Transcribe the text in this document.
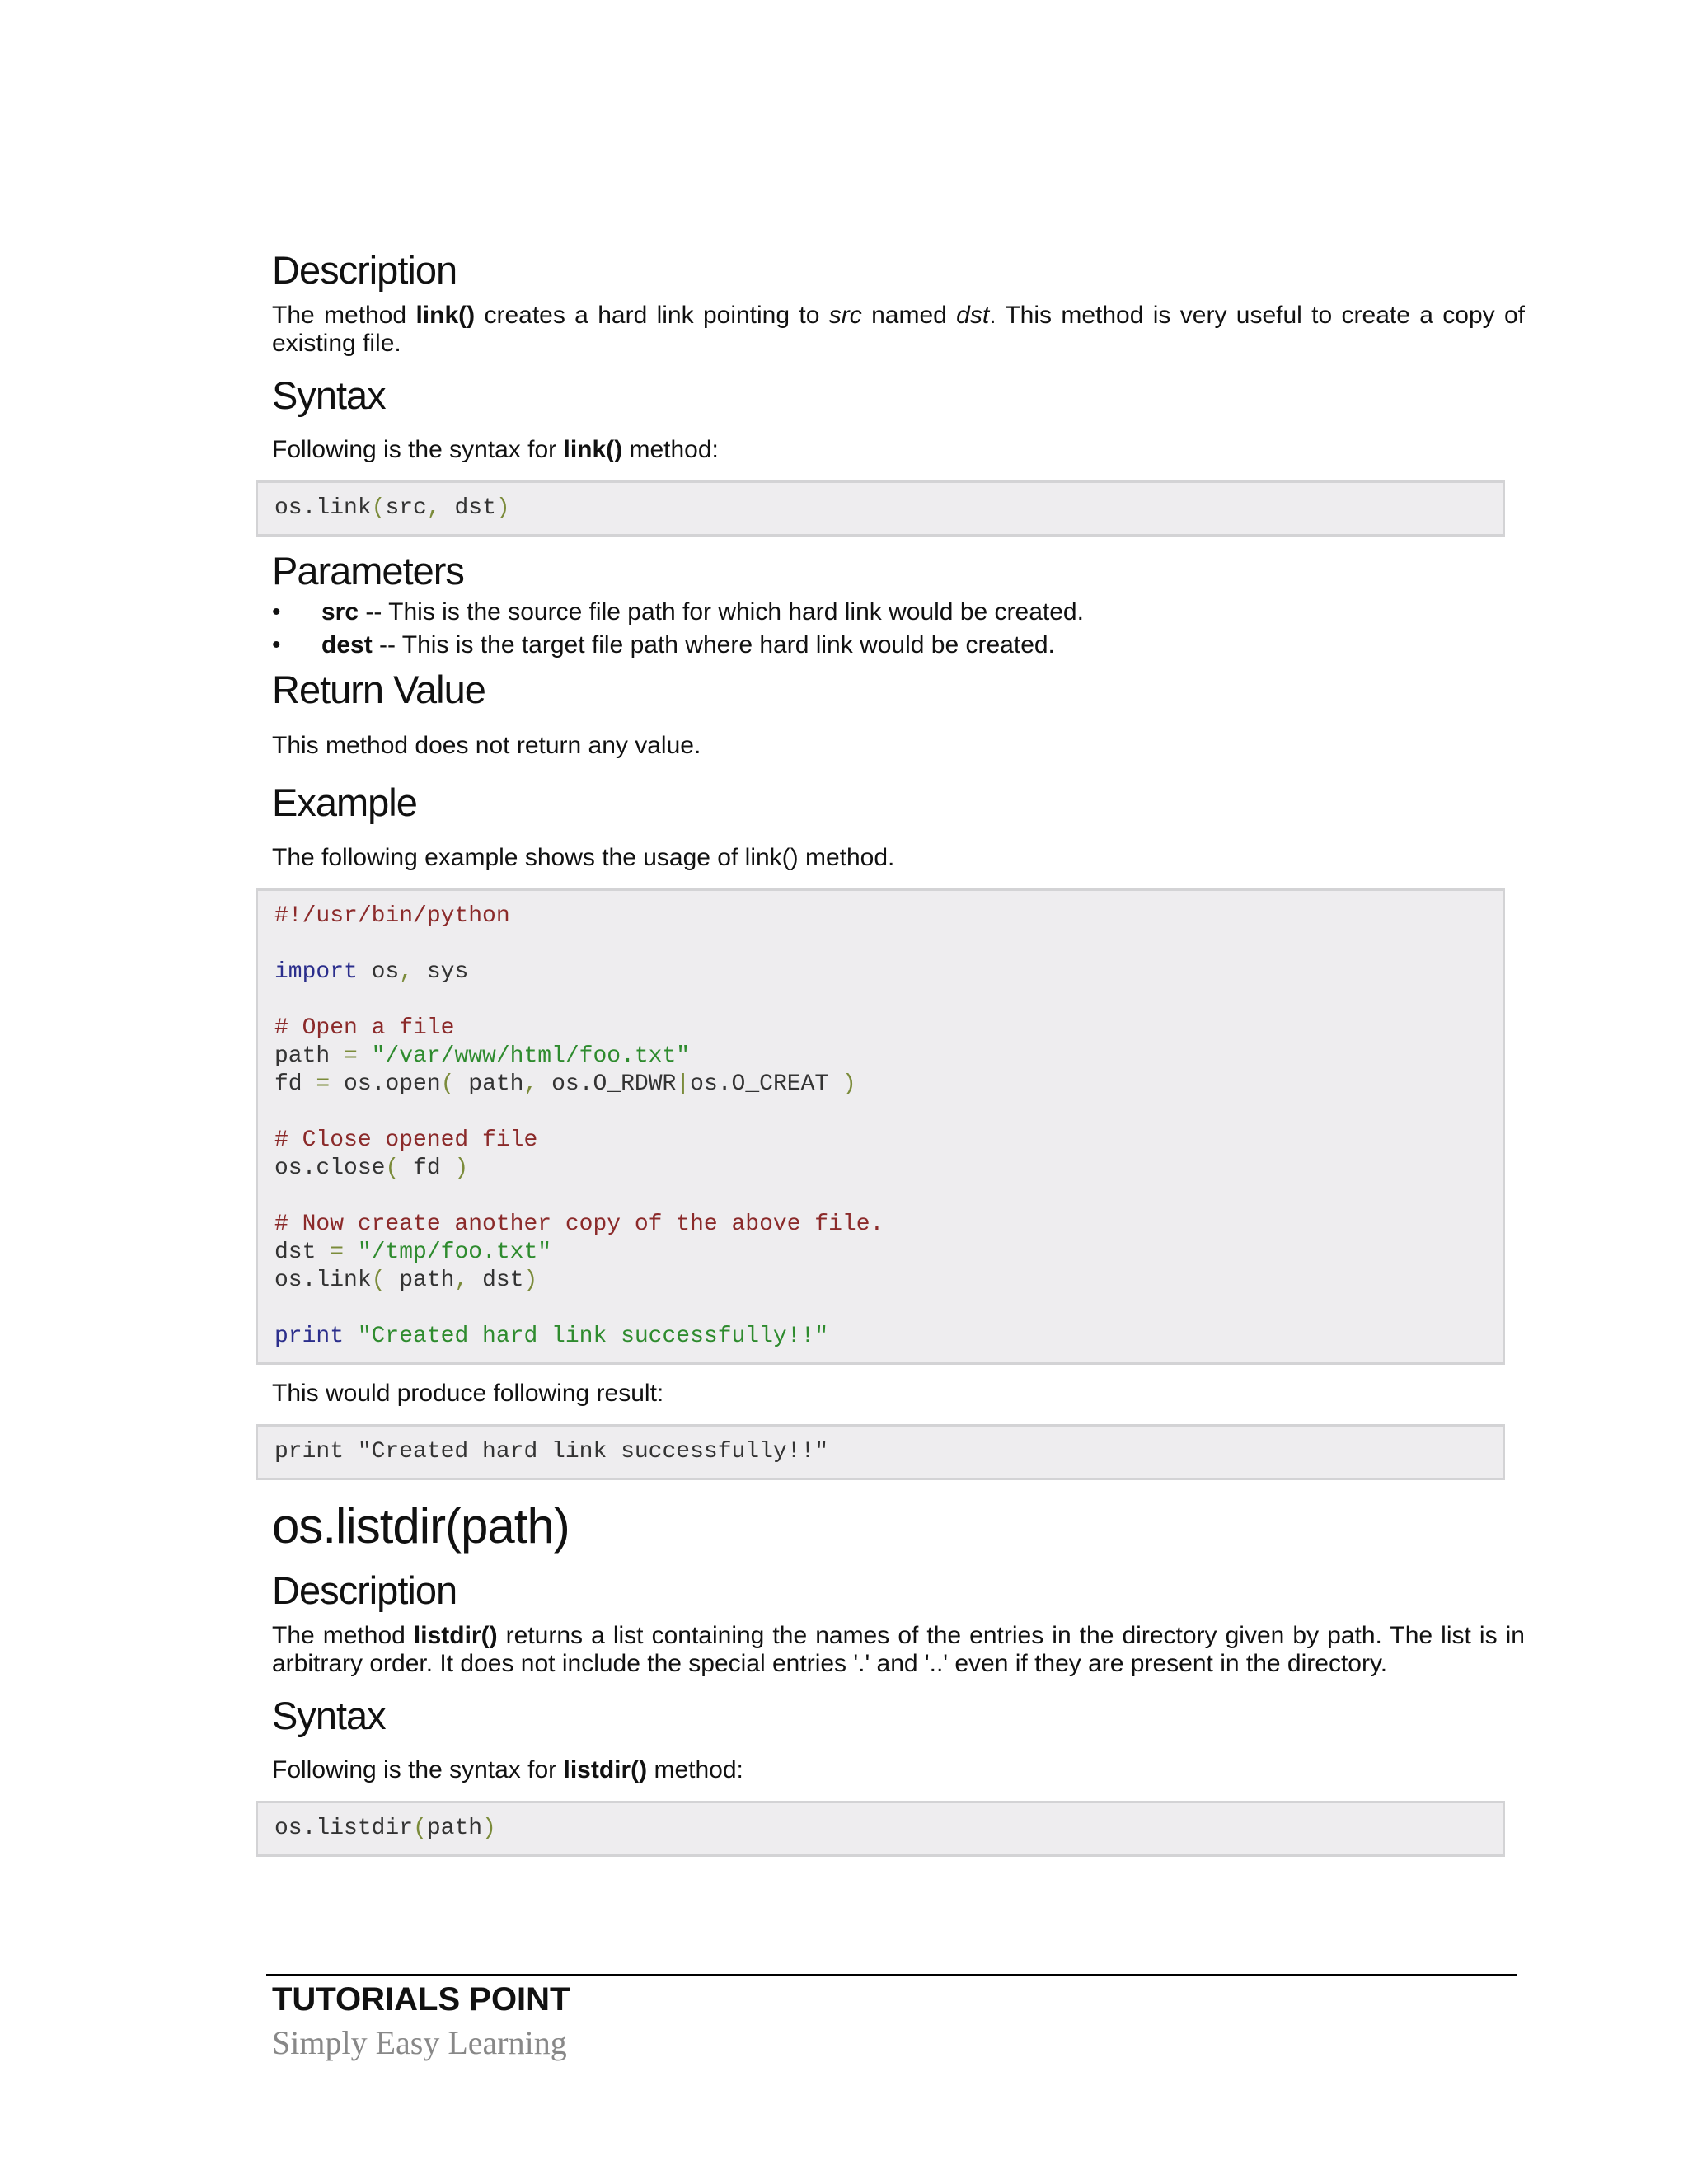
Description

The method link() creates a hard link pointing to src named dst. This method is very useful to create a copy of existing file.

Syntax

Following is the syntax for link() method:

os.link(src, dst)
Parameters
• src -- This is the source file path for which hard link would be created.
• dest -- This is the target file path where hard link would be created.
Return Value

This method does not return any value.

Example

The following example shows the usage of link() method.

#!/usr/bin/python

import os, sys

# Open a file
path = "/var/www/html/foo.txt"
fd = os.open( path, os.O_RDWR|os.O_CREAT )

# Close opened file
os.close( fd )

# Now create another copy of the above file.
dst = "/tmp/foo.txt"
os.link( path, dst)

print "Created hard link successfully!!"

This would produce following result:

print "Created hard link successfully!!"
os.listdir(path)
Description

The method listdir() returns a list containing the names of the entries in the directory given by path. The list is in arbitrary order. It does not include the special entries '.' and '..' even if they are present in the directory.

Syntax

Following is the syntax for listdir() method:

os.listdir(path)
TUTORIALS POINT
Simply Easy Learning
